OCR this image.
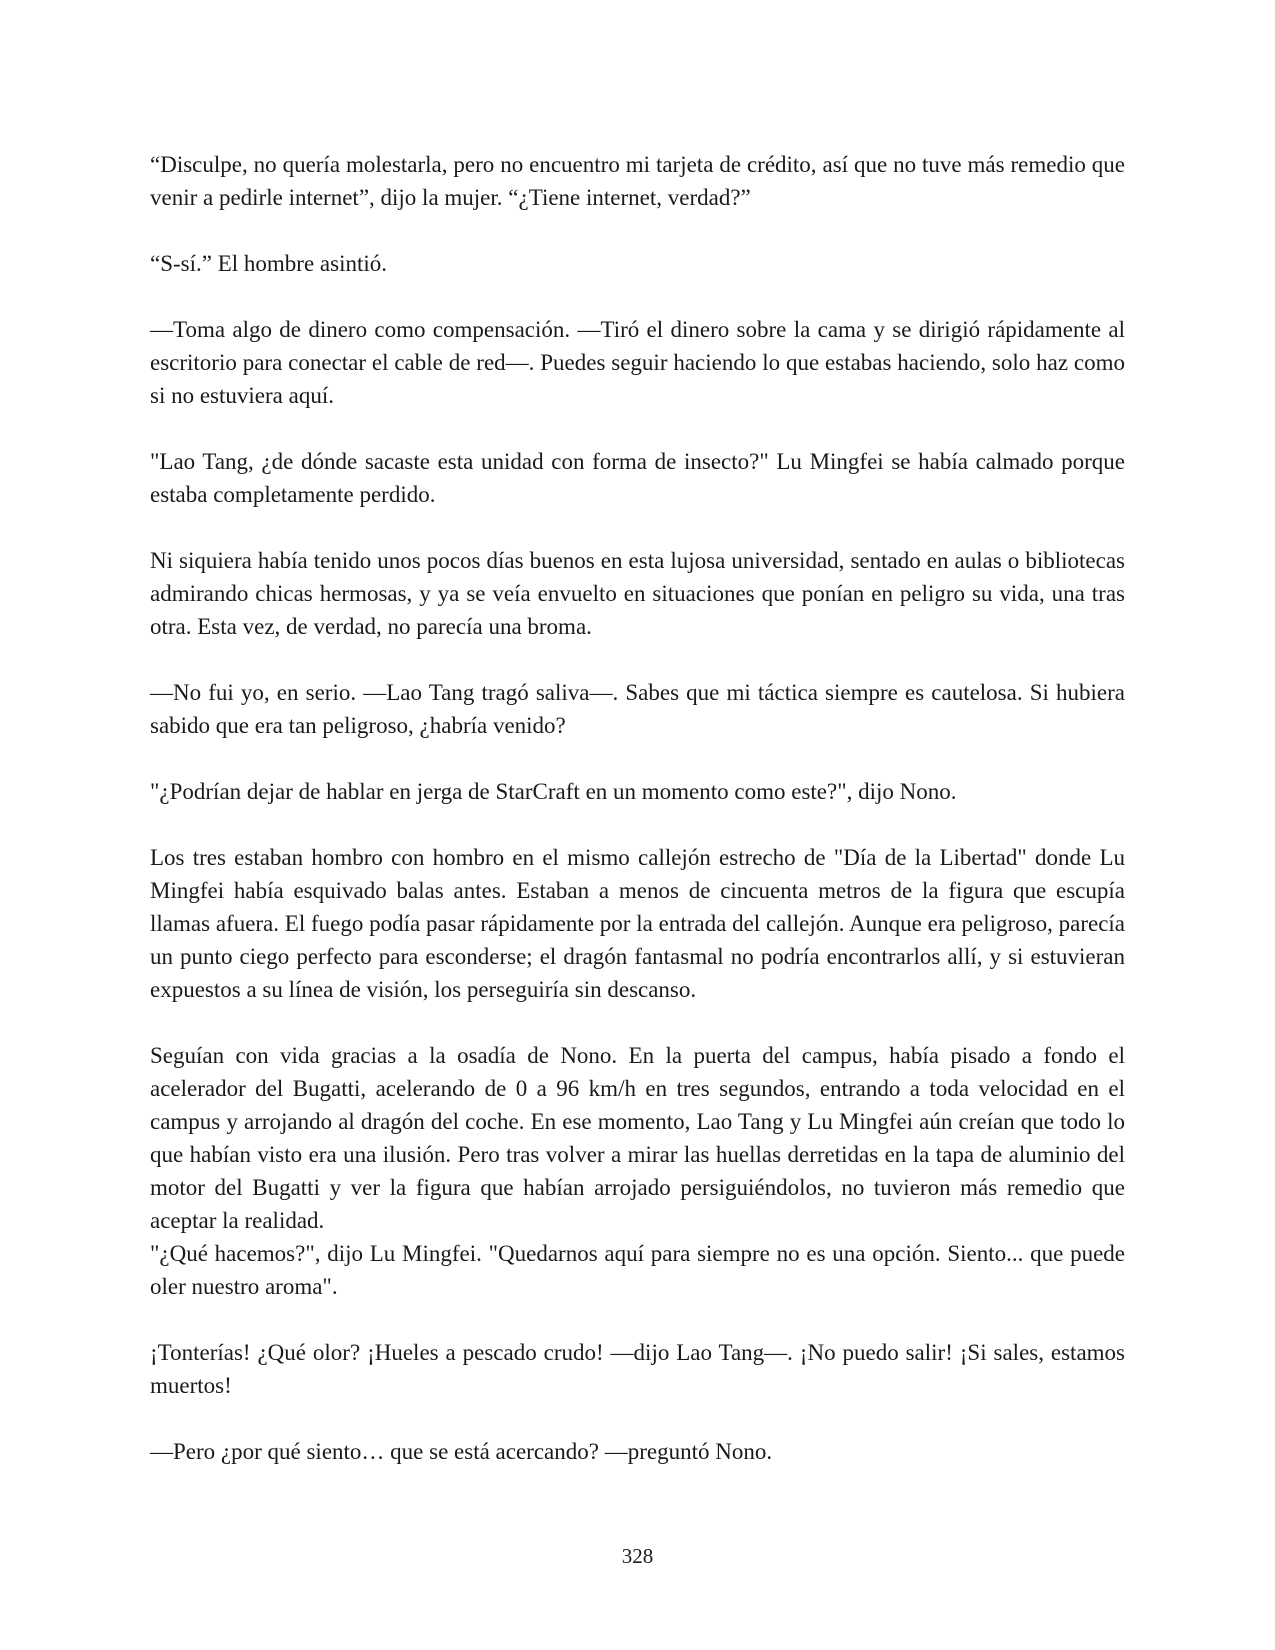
“Disculpe, no quería molestarla, pero no encuentro mi tarjeta de crédito, así que no tuve más remedio que venir a pedirle internet”, dijo la mujer. “¿Tiene internet, verdad?”

“S-sí.” El hombre asintió.

—Toma algo de dinero como compensación. —Tiró el dinero sobre la cama y se dirigió rápidamente al escritorio para conectar el cable de red—. Puedes seguir haciendo lo que estabas haciendo, solo haz como si no estuviera aquí.

"Lao Tang, ¿de dónde sacaste esta unidad con forma de insecto?" Lu Mingfei se había calmado porque estaba completamente perdido.

Ni siquiera había tenido unos pocos días buenos en esta lujosa universidad, sentado en aulas o bibliotecas admirando chicas hermosas, y ya se veía envuelto en situaciones que ponían en peligro su vida, una tras otra. Esta vez, de verdad, no parecía una broma.

—No fui yo, en serio. —Lao Tang tragó saliva—. Sabes que mi táctica siempre es cautelosa. Si hubiera sabido que era tan peligroso, ¿habría venido?

"¿Podrían dejar de hablar en jerga de StarCraft en un momento como este?", dijo Nono.

Los tres estaban hombro con hombro en el mismo callejón estrecho de "Día de la Libertad" donde Lu Mingfei había esquivado balas antes. Estaban a menos de cincuenta metros de la figura que escupía llamas afuera. El fuego podía pasar rápidamente por la entrada del callejón. Aunque era peligroso, parecía un punto ciego perfecto para esconderse; el dragón fantasmal no podría encontrarlos allí, y si estuvieran expuestos a su línea de visión, los perseguiría sin descanso.

Seguían con vida gracias a la osadía de Nono. En la puerta del campus, había pisado a fondo el acelerador del Bugatti, acelerando de 0 a 96 km/h en tres segundos, entrando a toda velocidad en el campus y arrojando al dragón del coche. En ese momento, Lao Tang y Lu Mingfei aún creían que todo lo que habían visto era una ilusión. Pero tras volver a mirar las huellas derretidas en la tapa de aluminio del motor del Bugatti y ver la figura que habían arrojado persiguiéndolos, no tuvieron más remedio que aceptar la realidad.

"¿Qué hacemos?", dijo Lu Mingfei. "Quedarnos aquí para siempre no es una opción. Siento... que puede oler nuestro aroma".

¡Tonterías! ¿Qué olor? ¡Hueles a pescado crudo! —dijo Lao Tang—. ¡No puedo salir! ¡Si sales, estamos muertos!

—Pero ¿por qué siento… que se está acercando? —preguntó Nono.

328
